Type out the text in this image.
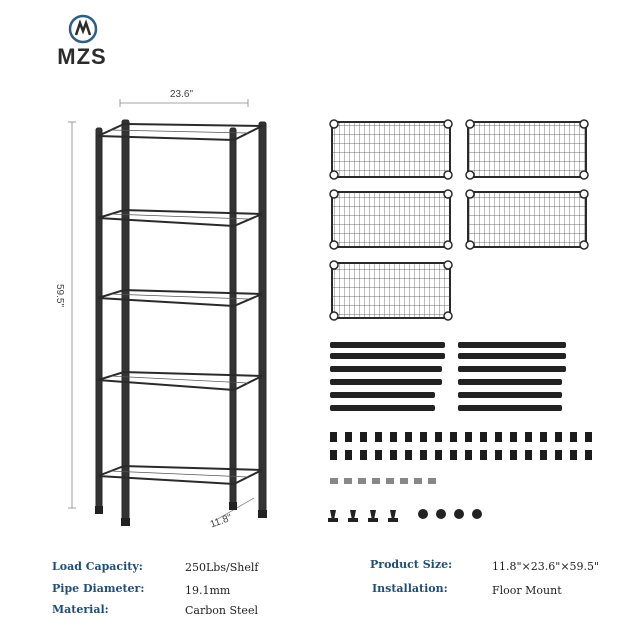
MZS
23.6"
59.5"
11.8"
Load Capacity:	250Lbs/Shelf
Pipe Diameter:	19.1mm
Material:	Carbon Steel
Product Size:	11.8"×23.6"×59.5"
Installation:	Floor Mount
